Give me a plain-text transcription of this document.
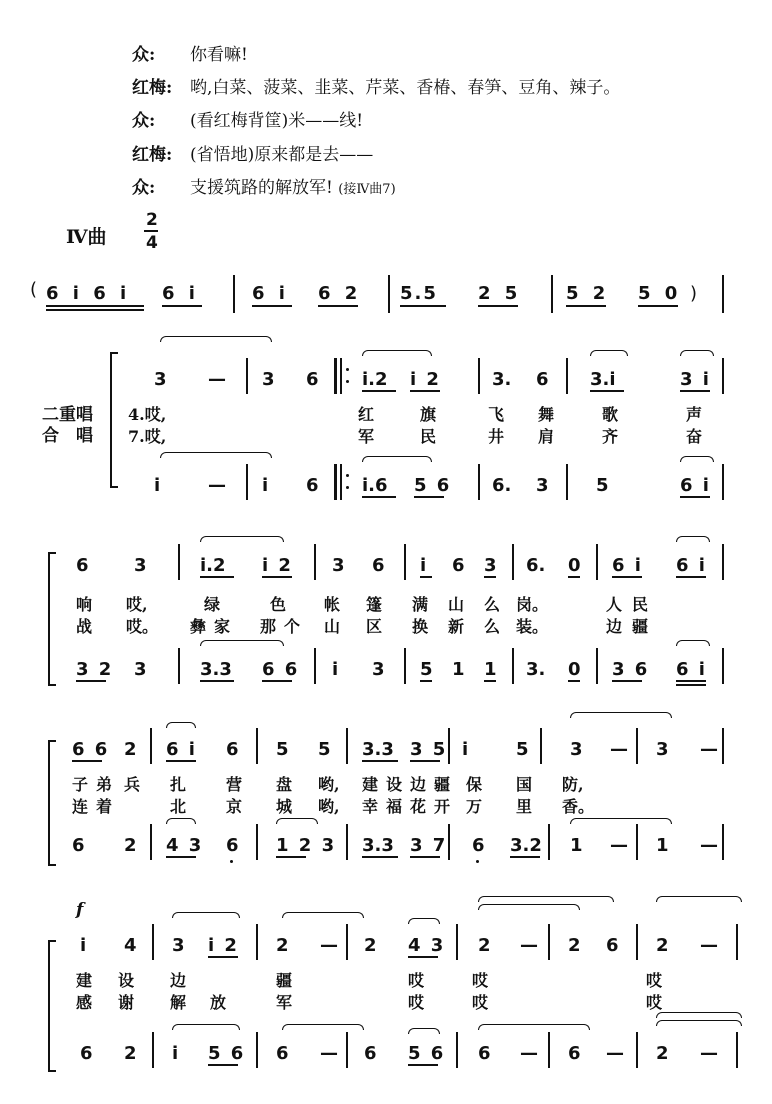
众: 你看嘛!
红梅: 哟,白菜、菠菜、韭菜、芹菜、香椿、春笋、豆角、辣子。
众: (看红梅背筐)米——线!
红梅: (省悟地)原来都是去——
众: 支援筑路的解放军! (接Ⅳ曲7)
Ⅳ曲
2
4
( 6 i 6 i 6 i	6 i 6 2 5.5 2 5 5 2 5 0 )
二重唱
合　唱
3 — 3 6 i.2 i 2	3. 6 3.i	3 i
4.哎,	红	旗	飞 舞	歌	声
7.哎,	军	民	井 肩	齐	奋
i	— i 6 i.6 5 6 6. 3	5	6 i
6	3	i.2 i 2 3 6 i 6 3 6. 0 6 i 6 i
响 哎,	绿	色 帐 篷 满 山 么 岗。	人 民
战 哎。 彝 家 那 个 山 区 换 新 么 装。	边 疆
3 2 3	3.3 6 6 i 3 5 1 1 3. 0 3 6 6 i
6 6 2 6 i 6 5 5 3.3 3 5 i	5 3 — 3 —
子 弟 兵 扎 营 盘 哟, 建 设 边 疆 保 国 防,
连 着	北 京 城 哟, 幸 福 花 开 万 里 香。
6 2 4 3 6 1 2 3 3.3 3 7 6 3.2 1 — 1 —
f
i 4 3 i 2 2 — 2 4 3 2 — 2 6 2 —
建 设 边	疆	哎	哎	哎
感 谢 解 放	军	哎	哎	哎
6 2 i 5 6 6 — 6 5 6 6 — 6 — 2 —
